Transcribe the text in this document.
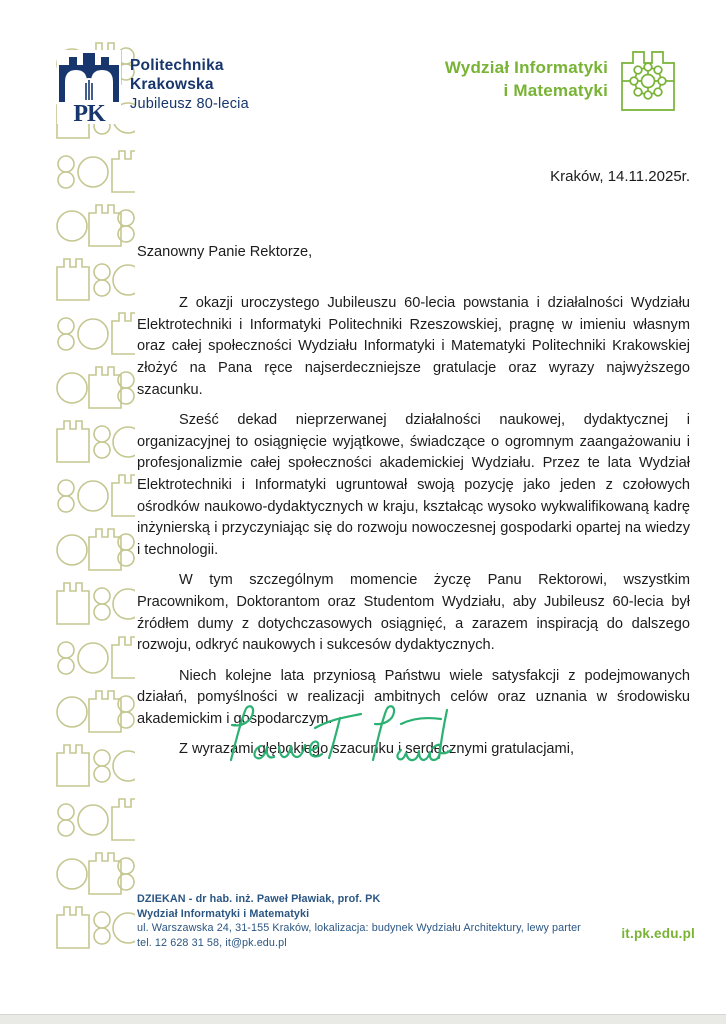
PK
Politechnika
Krakowska
Jubileusz 80-lecia
Wydział Informatyki
i Matematyki
Kraków, 14.11.2025r.
Szanowny Panie Rektorze,

Z okazji uroczystego Jubileuszu 60-lecia powstania i działalności Wydziału Elektrotechniki i Informatyki Politechniki Rzeszowskiej, pragnę w imieniu własnym oraz całej społeczności Wydziału Informatyki i Matematyki Politechniki Krakowskiej złożyć na Pana ręce najserdeczniejsze gratulacje oraz wyrazy najwyższego szacunku.

Sześć dekad nieprzerwanej działalności naukowej, dydaktycznej i organizacyjnej to osiągnięcie wyjątkowe, świadczące o ogromnym zaangażowaniu i profesjonalizmie całej społeczności akademickiej Wydziału. Przez te lata Wydział Elektrotechniki i Informatyki ugruntował swoją pozycję jako jeden z czołowych ośrodków naukowo-dydaktycznych w kraju, kształcąc wysoko wykwalifikowaną kadrę inżynierską i przyczyniając się do rozwoju nowoczesnej gospodarki opartej na wiedzy i technologii.

W tym szczególnym momencie życzę Panu Rektorowi, wszystkim Pracownikom, Doktorantom oraz Studentom Wydziału, aby Jubileusz 60-lecia był źródłem dumy z dotychczasowych osiągnięć, a zarazem inspiracją do dalszego rozwoju, odkryć naukowych i sukcesów dydaktycznych.

Niech kolejne lata przyniosą Państwu wiele satysfakcji z podejmowanych działań, pomyślności w realizacji ambitnych celów oraz uznania w środowisku akademickim i gospodarczym.

Z wyrazami głębokiego szacunku i serdecznymi gratulacjami,

DZIEKAN - dr hab. inż. Paweł Pławiak, prof. PK
Wydział Informatyki i Matematyki
ul. Warszawska 24, 31-155 Kraków, lokalizacja: budynek Wydziału Architektury, lewy parter
tel. 12 628 31 58, it@pk.edu.pl
it.pk.edu.pl
